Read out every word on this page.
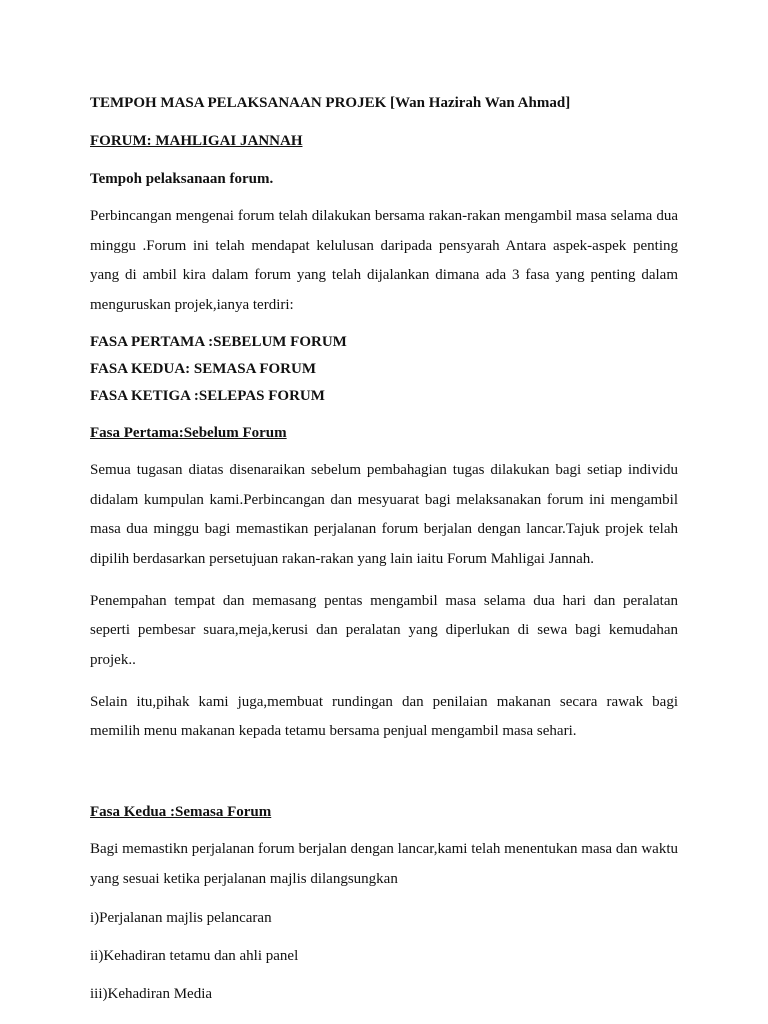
TEMPOH MASA PELAKSANAAN PROJEK [Wan Hazirah Wan Ahmad]
FORUM: MAHLIGAI JANNAH
Tempoh pelaksanaan forum.

Perbincangan mengenai forum telah dilakukan bersama rakan-rakan mengambil masa selama dua minggu .Forum ini telah mendapat kelulusan daripada pensyarah Antara aspek-aspek penting yang di ambil kira dalam forum yang telah dijalankan dimana ada 3 fasa yang penting dalam menguruskan projek,ianya terdiri:

FASA PERTAMA :SEBELUM FORUM
FASA KEDUA: SEMASA FORUM
FASA KETIGA :SELEPAS FORUM
Fasa Pertama:Sebelum Forum

Semua tugasan diatas disenaraikan sebelum pembahagian tugas dilakukan bagi setiap individu didalam kumpulan kami.Perbincangan dan mesyuarat bagi melaksanakan forum ini mengambil masa dua minggu bagi memastikan perjalanan forum berjalan dengan lancar.Tajuk projek telah dipilih berdasarkan persetujuan rakan-rakan yang lain iaitu Forum Mahligai Jannah.

Penempahan tempat dan memasang pentas mengambil masa selama dua hari dan peralatan seperti pembesar suara,meja,kerusi dan peralatan yang diperlukan di sewa bagi kemudahan projek..

Selain itu,pihak kami juga,membuat rundingan dan penilaian makanan secara rawak bagi memilih menu makanan kepada tetamu bersama penjual mengambil masa sehari.

Fasa Kedua :Semasa Forum

Bagi memastikn perjalanan forum berjalan dengan lancar,kami telah menentukan masa dan waktu yang sesuai ketika perjalanan majlis dilangsungkan

i)Perjalanan majlis pelancaran
ii)Kehadiran tetamu dan ahli panel
iii)Kehadiran Media
